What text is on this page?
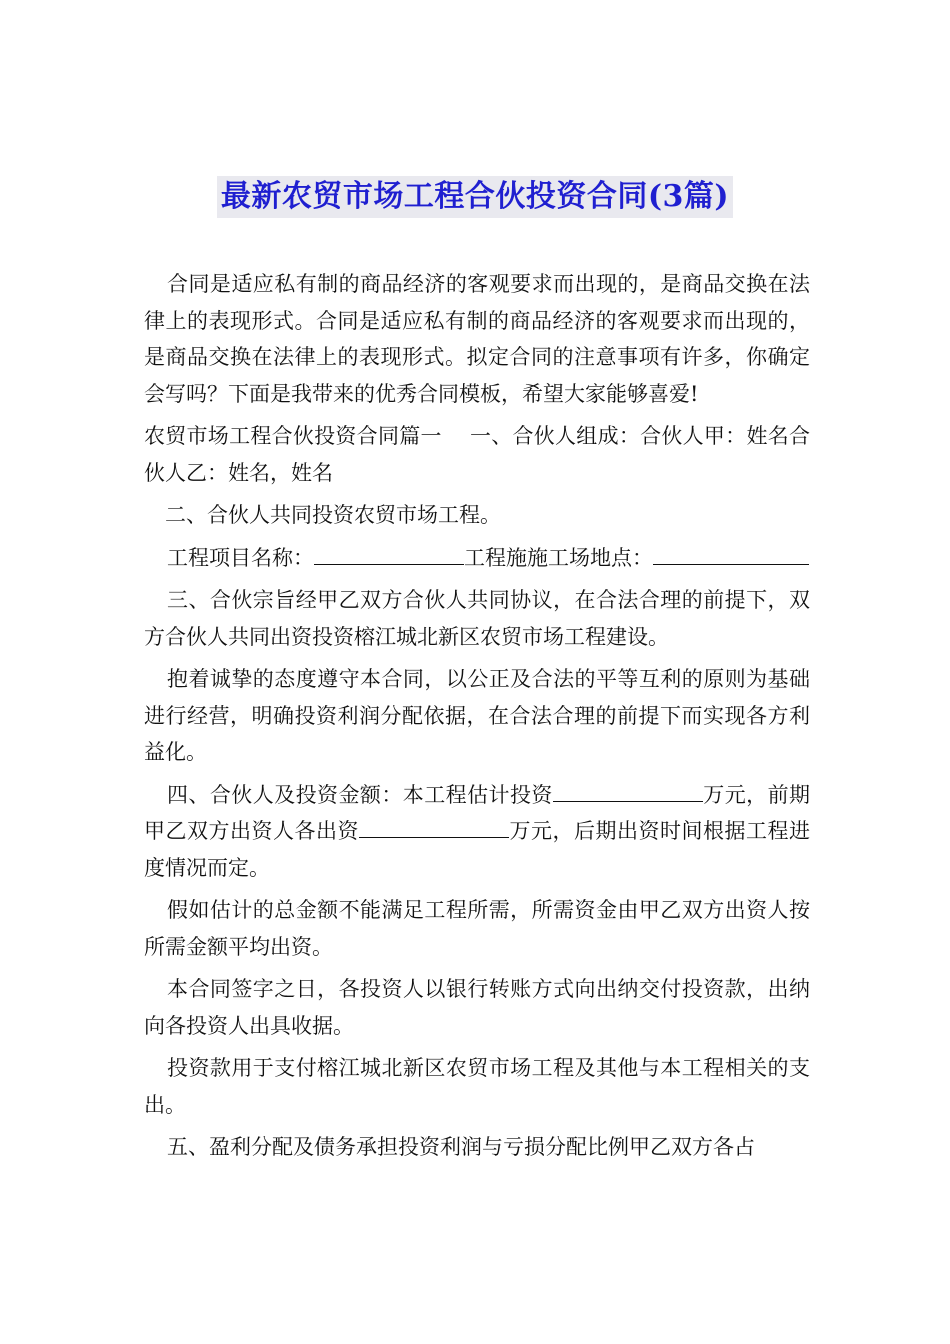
最新农贸市场工程合伙投资合同(3篇)

合同是适应私有制的商品经济的客观要求而出现的，是商品交换在法律上的表现形式。合同是适应私有制的商品经济的客观要求而出现的，是商品交换在法律上的表现形式。拟定合同的注意事项有许多，你确定会写吗？下面是我带来的优秀合同模板，希望大家能够喜爱!

农贸市场工程合伙投资合同篇一　 一、合伙人组成：合伙人甲：姓名合伙人乙：姓名，姓名

二、合伙人共同投资农贸市场工程。

工程项目名称：	工程施施工场地点：

三、合伙宗旨经甲乙双方合伙人共同协议，在合法合理的前提下，双方合伙人共同出资投资榕江城北新区农贸市场工程建设。

抱着诚挚的态度遵守本合同，以公正及合法的平等互利的原则为基础进行经营，明确投资利润分配依据，在合法合理的前提下而实现各方利益化。

四、合伙人及投资金额：本工程估计投资	万元，前期甲乙双方出资人各出资	万元，后期出资时间根据工程进度情况而定。

假如估计的总金额不能满足工程所需，所需资金由甲乙双方出资人按所需金额平均出资。

本合同签字之日，各投资人以银行转账方式向出纳交付投资款，出纳向各投资人出具收据。

投资款用于支付榕江城北新区农贸市场工程及其他与本工程相关的支出。

五、盈利分配及债务承担投资利润与亏损分配比例甲乙双方各占
